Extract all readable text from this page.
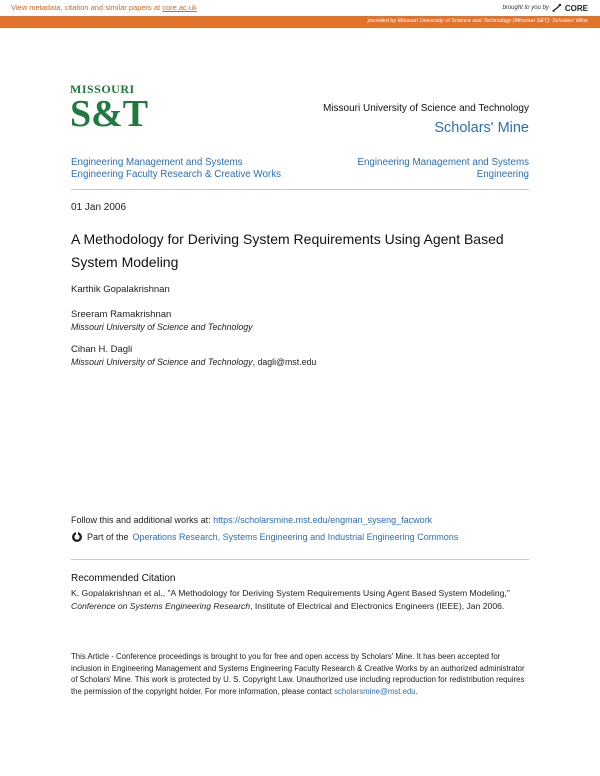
View metadata, citation and similar papers at core.ac.uk	brought to you by CORE
provided by Missouri University of Science and Technology (Missouri S&T): Scholars' Mine
MISSOURI
S&T	Missouri University of Science and Technology
Scholars' Mine
Engineering Management and Systems
Engineering Faculty Research & Creative Works
Engineering Management and Systems
Engineering
01 Jan 2006
A Methodology for Deriving System Requirements Using Agent Based System Modeling
Karthik Gopalakrishnan
Sreeram Ramakrishnan
Missouri University of Science and Technology
Cihan H. Dagli
Missouri University of Science and Technology, dagli@mst.edu
Follow this and additional works at: https://scholarsmine.mst.edu/engman_syseng_facwork
Part of the Operations Research, Systems Engineering and Industrial Engineering Commons
Recommended Citation
K. Gopalakrishnan et al., "A Methodology for Deriving System Requirements Using Agent Based System Modeling," Conference on Systems Engineering Research, Institute of Electrical and Electronics Engineers (IEEE), Jan 2006.
This Article - Conference proceedings is brought to you for free and open access by Scholars' Mine. It has been accepted for inclusion in Engineering Management and Systems Engineering Faculty Research & Creative Works by an authorized administrator of Scholars' Mine. This work is protected by U. S. Copyright Law. Unauthorized use including reproduction for redistribution requires the permission of the copyright holder. For more information, please contact scholarsmine@mst.edu.
